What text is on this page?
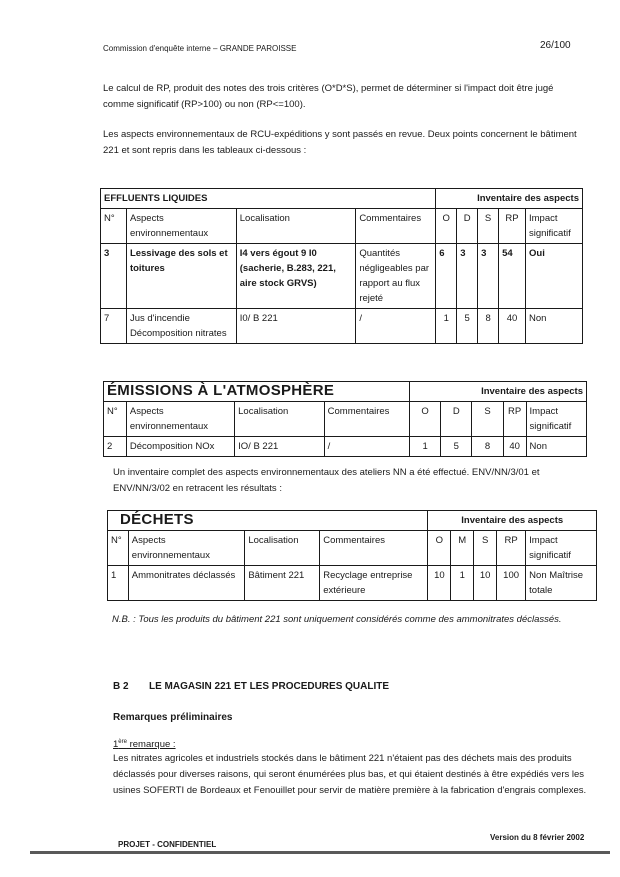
Commission d'enquête interne – GRANDE PAROISSE	26/100
Le calcul de RP, produit des notes des trois critères (O*D*S), permet de déterminer si l'impact doit être jugé comme significatif (RP>100) ou non (RP<=100).
Les aspects environnementaux de RCU-expéditions y sont passés en revue. Deux points concernent le bâtiment 221 et sont repris dans les tableaux ci-dessous :
EFFLUENTS LIQUIDES				Inventaire des aspects				
N°	Aspects environnementaux	Localisation	Commentaires	O	D	S	RP	Impact significatif
3	Lessivage des sols et toitures	I4 vers égout 9 I0 (sacherie, B.283, 221, aire stock GRVS)	Quantités négligeables par rapport au flux rejeté	6	3	3	54	Oui
7	Jus d'incendie Décomposition nitrates	I0/ B 221	/	1	5	8	40	Non
ÉMISSIONS À L'ATMOSPHÈRE				Inventaire des aspects				
N°	Aspects environnementaux	Localisation	Commentaires	O	D	S	RP	Impact significatif
2	Décomposition NOx	IO/ B 221	/	1	5	8	40	Non
Un inventaire complet des aspects environnementaux des ateliers NN a été effectué. ENV/NN/3/01 et ENV/NN/3/02 en retracent les résultats :
DÉCHETS				Inventaire des aspects				
N°	Aspects environnementaux	Localisation	Commentaires	O	M	S	RP	Impact significatif
1	Ammonitrates déclassés	Bâtiment 221	Recyclage entreprise extérieure	10	1	10	100	Non Maîtrise totale
N.B. : Tous les produits du bâtiment 221 sont uniquement considérés comme des ammonitrates déclassés.
B 2 LE MAGASIN 221 ET LES PROCEDURES QUALITE
Remarques préliminaires
1ère remarque :
Les nitrates agricoles et industriels stockés dans le bâtiment 221 n'étaient pas des déchets mais des produits déclassés pour diverses raisons, qui seront énumérées plus bas, et qui étaient destinés à être expédiés vers les usines SOFERTI de Bordeaux et Fenouillet pour servir de matière première à la fabrication d'engrais complexes.
Version du 8 février 2002
PROJET - CONFIDENTIEL
